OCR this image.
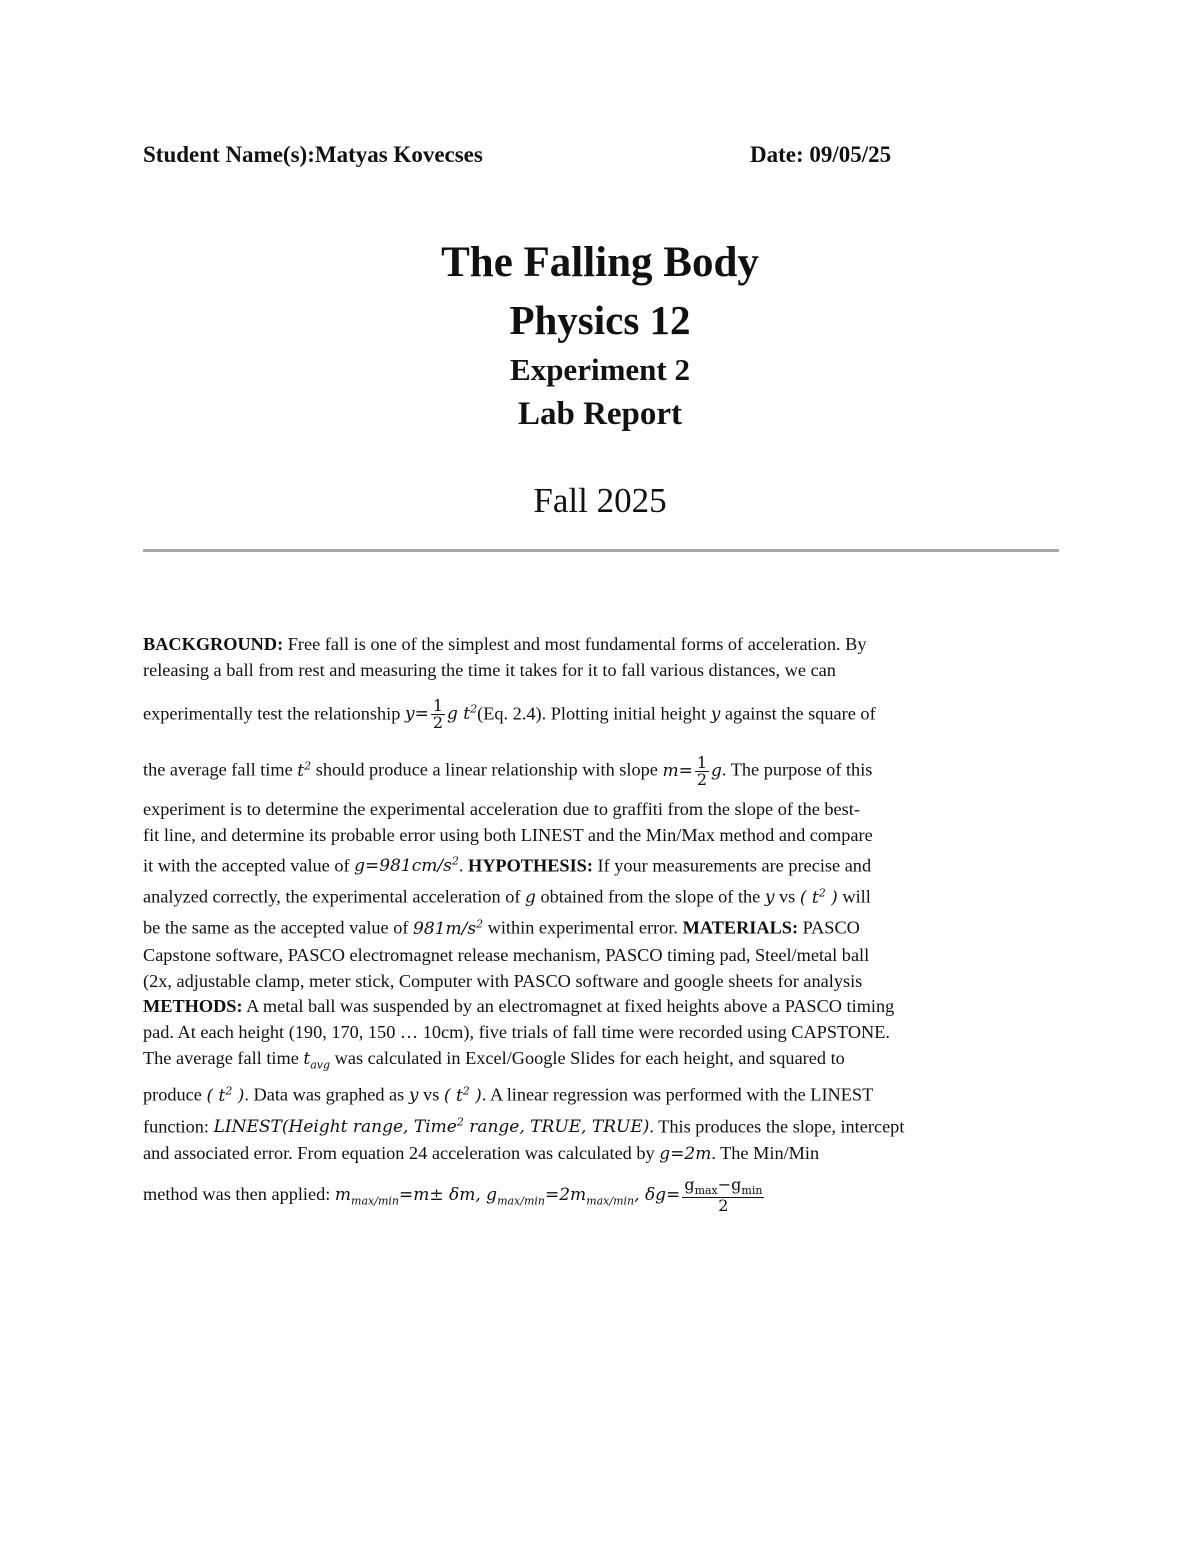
Student Name(s):Matyas Kovecses	Date: 09/05/25
The Falling Body
Physics 12
Experiment 2
Lab Report
Fall 2025

BACKGROUND: Free fall is one of the simplest and most fundamental forms of acceleration. By

releasing a ball from rest and measuring the time it takes for it to fall various distances, we can

experimentally test the relationship $y= \frac{1}{2}$ g $t^2(Eq$. 2.4). Plotting initial height y against the square of

the average fall time $t^2$ should produce a linear relationship with slope $m= \frac{1}{2} g$. The purpose of this

experiment is to determine the experimental acceleration due to graffiti from the slope of the best-

fit line, and determine its probable error using both LINEST and the Min/Max method and compare

it with the accepted value of $g=981cm/s^2$. HYPOTHESIS: If your measurements are precise and

analyzed correctly, the experimental acceleration of g obtained from the slope of the y vs ( $t^2$ ) will

be the same as the accepted value of $981m/s^2$ within experimental error. MATERIALS: PASCO

Capstone software, PASCO electromagnet release mechanism, PASCO timing pad, Steel/metal ball

(2x, adjustable clamp, meter stick, Computer with PASCO software and google sheets for analysis

METHODS: A metal ball was suspended by an electromagnet at fixed heights above a PASCO timing

pad. At each height (190, 170, 150 … 10cm), five trials of fall time were recorded using CAPSTONE.

The average fall time $t_{avg}$ was calculated in Excel/Google Slides for each height, and squared to

produce ( $t^2$ ). Data was graphed as y vs ( $t^2$ ). A linear regression was performed with the LINEST

function: LINEST(Height range, Time$^2$ range, TRUE, TRUE). This produces the slope, intercept

and associated error. From equation 24 acceleration was calculated by g=2m. The Min/Min

method was then applied: $m_{max/min}=m\pm \delta m$, $g_{max/min}=2m_{max/min}$, $\delta g= \frac{g_{max}-g_{min}}{2}$
